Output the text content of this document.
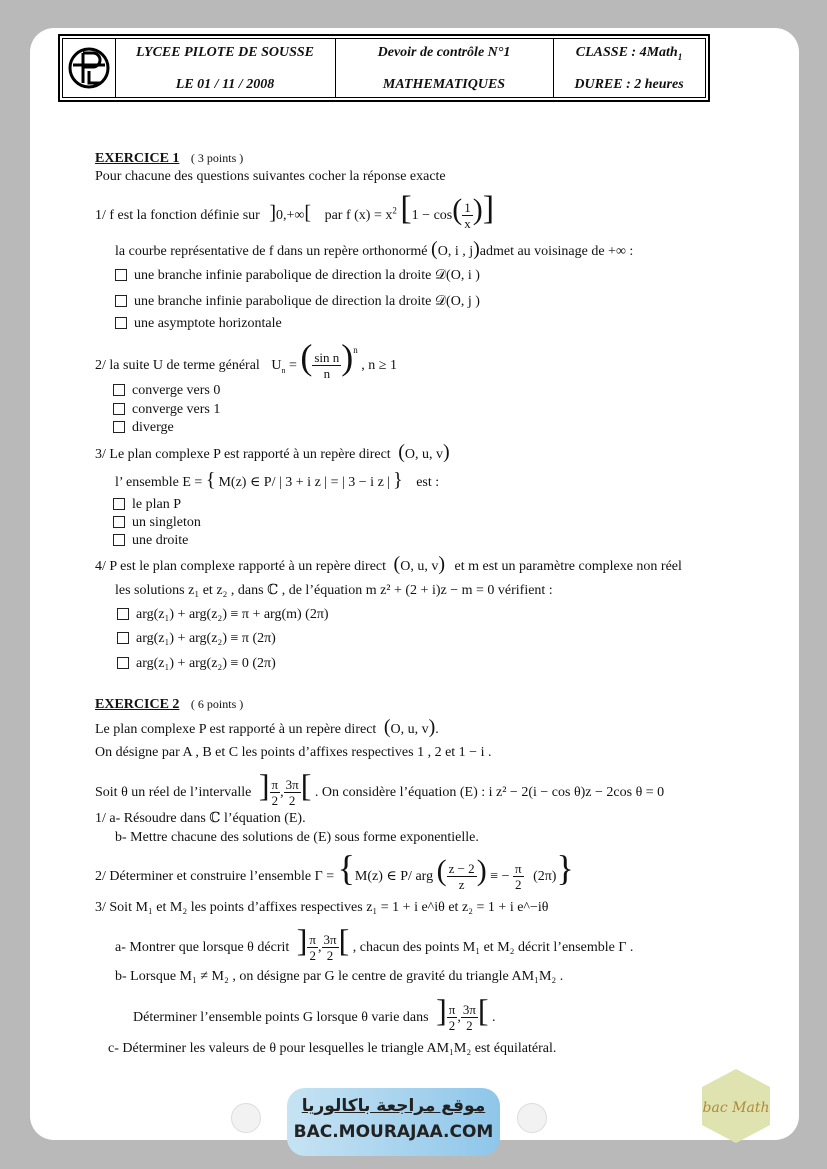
LYCEE PILOTE DE SOUSSE
LE 01 / 11 / 2008
Devoir de contrôle N°1
MATHEMATIQUES
CLASSE : 4Math$_1$
DUREE : 2 heures
EXERCICE 1 ( 3 points )
Pour chacune des questions suivantes cocher la réponse exacte
1/ f est la fonction définie sur ]0,+∞[ par f $(x) = x^2$ [$1 - \cos( \frac{1}{x}$ )]
la courbe représentative de f dans un repère orthonormé (O, i , j)admet au voisinage de +∞ :
une branche infinie parabolique de direction la droite 𝒟(O, i )
une branche infinie parabolique de direction la droite 𝒟(O, j )
une asymptote horizontale
2/ la suite U de terme général $U_n$ = ( $\frac{\text{sin n}}{n} )^n$ , n ≥ 1
converge vers 0
converge vers 1
diverge
3/ Le plan complexe P est rapporté à un repère direct (O, u, v)
l’ ensemble E = { M(z) ∈ P/ | 3 + i z | = | 3 − i z | } est :
le plan P
un singleton
une droite
4/ P est le plan complexe rapporté à un repère direct (O, u, v) et m est un paramètre complexe non réel
les solutions z₁ et z₂ , dans ℂ , de l’équation m z² + (2 + i)z − m = 0 vérifient :
arg(z₁) + arg(z₂) ≡ π + arg(m) (2π)
arg(z₁) + arg(z₂) ≡ π (2π)
arg(z₁) + arg(z₂) ≡ 0 (2π)
EXERCICE 2 ( 6 points )
Le plan complexe P est rapporté à un repère direct (O, u, v).
On désigne par A , B et C les points d’affixes respectives 1 , 2 et 1 − i .
Soit θ un réel de l’intervalle ] $\frac{\pi}{2}$ , $\frac{3\pi}{2}$ [ . On considère l’équation (E) : i z² − 2(i − cos θ)z − 2cos θ = 0
1/ a- Résoudre dans ℂ l’équation (E).
b- Mettre chacune des solutions de (E) sous forme exponentielle.
2/ Déterminer et construire l’ensemble Γ = {M(z) ∈ P/ arg ( $\frac{z - 2}{z}$ ) ≡ − $\frac{\pi}{2} (2\pi)$}
3/ Soit M₁ et M₂ les points d’affixes respectives z₁ = 1 + i e^iθ et z₂ = 1 + i e^−iθ
a- Montrer que lorsque θ décrit ] $\frac{\pi}{2}$ , $\frac{3\pi}{2}$ [ , chacun des points M₁ et M₂ décrit l’ensemble Γ .
b- Lorsque M₁ ≠ M₂ , on désigne par G le centre de gravité du triangle AM₁M₂ .
Déterminer l’ensemble points G lorsque θ varie dans ] $\frac{\pi}{2}$ , $\frac{3\pi}{2}$ [ .
c- Déterminer les valeurs de θ pour lesquelles le triangle AM₁M₂ est équilatéral.
موقع مراجعة باكالوريا
BAC.MOURAJAA.COM
bac Math
